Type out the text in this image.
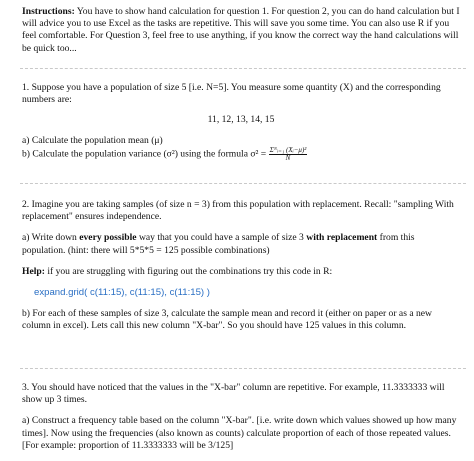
Instructions: You have to show hand calculation for question 1. For question 2, you can do hand calculation but I will advice you to use Excel as the tasks are repetitive. This will save you some time. You can also use R if you feel comfortable. For Question 3, feel free to use anything, if you know the correct way the hand calculations will be quick too...

1. Suppose you have a population of size 5 [i.e. N=5]. You measure some quantity (X) and the corresponding numbers are:

11, 12, 13, 14, 15

a) Calculate the population mean (μ)

b) Calculate the population variance (σ²) using the formula $\sigma^2 = \frac{\text{Σᴺᵢ₌₁ (Xᵢ−μ)²}}{N}$

2. Imagine you are taking samples (of size n = 3) from this population with replacement. Recall: "sampling With replacement" ensures independence.

a) Write down every possible way that you could have a sample of size 3 with replacement from this population. (hint: there will 5*5*5 = 125 possible combinations)

Help: if you are struggling with figuring out the combinations try this code in R:

expand.grid( c(11:15), c(11:15), c(11:15) )

b) For each of these samples of size 3, calculate the sample mean and record it (either on paper or as a new column in excel). Lets call this new column "X-bar". So you should have 125 values in this column.

3. You should have noticed that the values in the "X-bar" column are repetitive. For example, 11.3333333 will show up 3 times.

a) Construct a frequency table based on the column "X-bar". [i.e. write down which values showed up how many times]. Now using the frequencies (also known as counts) calculate proportion of each of those repeated values. [For example: proportion of 11.3333333 will be 3/125]
